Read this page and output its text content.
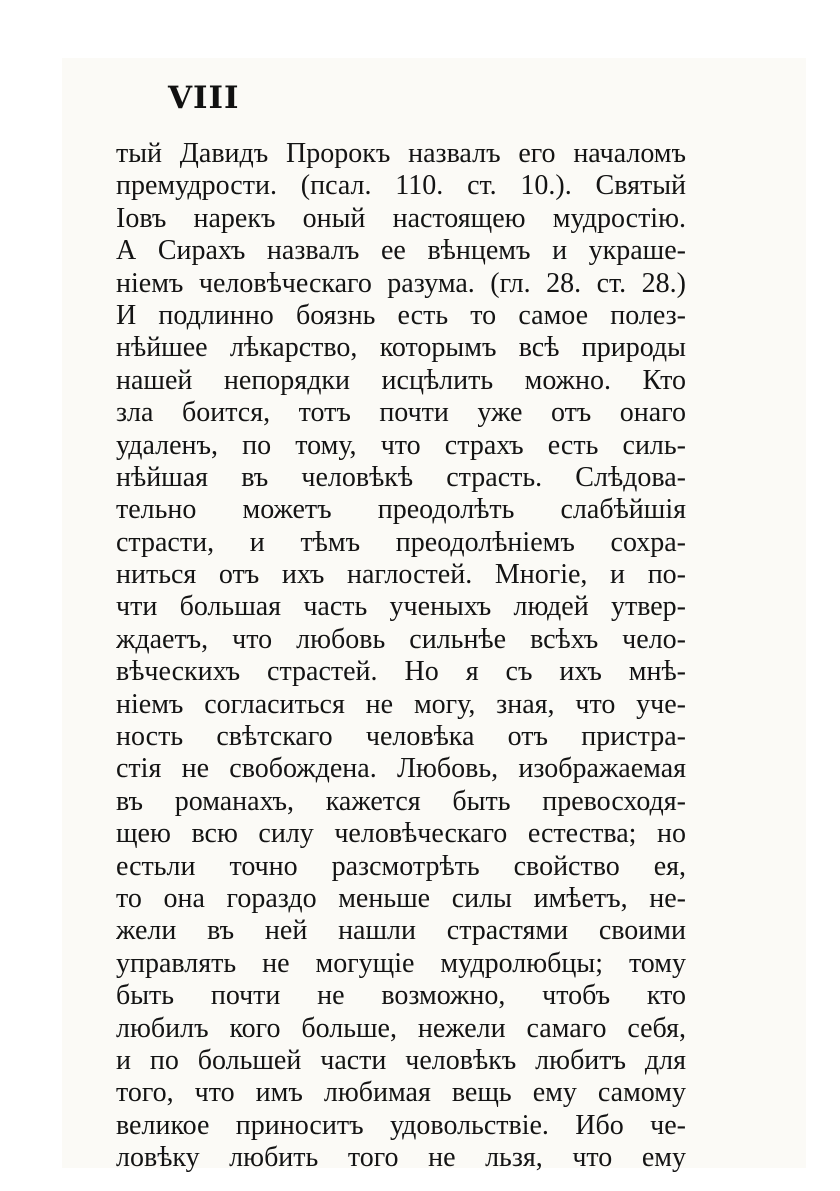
VIII
тый Давидъ Пророкъ назвалъ его началомъ
премудрости. (псал. 110. ст. 10.). Святый
Іовъ нарекъ оный настоящею мудростію.
А Сирахъ назвалъ ее вѣнцемъ и украше-
ніемъ человѣческаго разума. (гл. 28. ст. 28.)
И подлинно боязнь есть то самое полез-
нѣйшее лѣкарство, которымъ всѣ природы
нашей непорядки исцѣлить можно. Кто
зла боится, тотъ почти уже отъ онаго
удаленъ, по тому, что страхъ есть силь-
нѣйшая въ человѣкѣ страсть. Слѣдова-
тельно можетъ преодолѣть слабѣйшія
страсти, и тѣмъ преодолѣніемъ сохра-
ниться отъ ихъ наглостей. Многіе, и по-
чти большая часть ученыхъ людей утвер-
ждаетъ, что любовь сильнѣе всѣхъ чело-
вѣческихъ страстей. Но я съ ихъ мнѣ-
ніемъ согласиться не могу, зная, что уче-
ность свѣтскаго человѣка отъ пристра-
стія не свобождена. Любовь, изображаемая
въ романахъ, кажется быть превосходя-
щею всю силу человѣческаго естества; но
естьли точно разсмотрѣть свойство ея,
то она гораздо меньше силы имѣетъ, не-
жели въ ней нашли страстями своими
управлять не могущіе мудролюбцы; тому
быть почти не возможно, чтобъ кто
любилъ кого больше, нежели самаго себя,
и по большей части человѣкъ любитъ для
того, что имъ любимая вещь ему самому
великое приноситъ удовольствіе. Ибо че-
ловѣку любить того не льзя, что ему
